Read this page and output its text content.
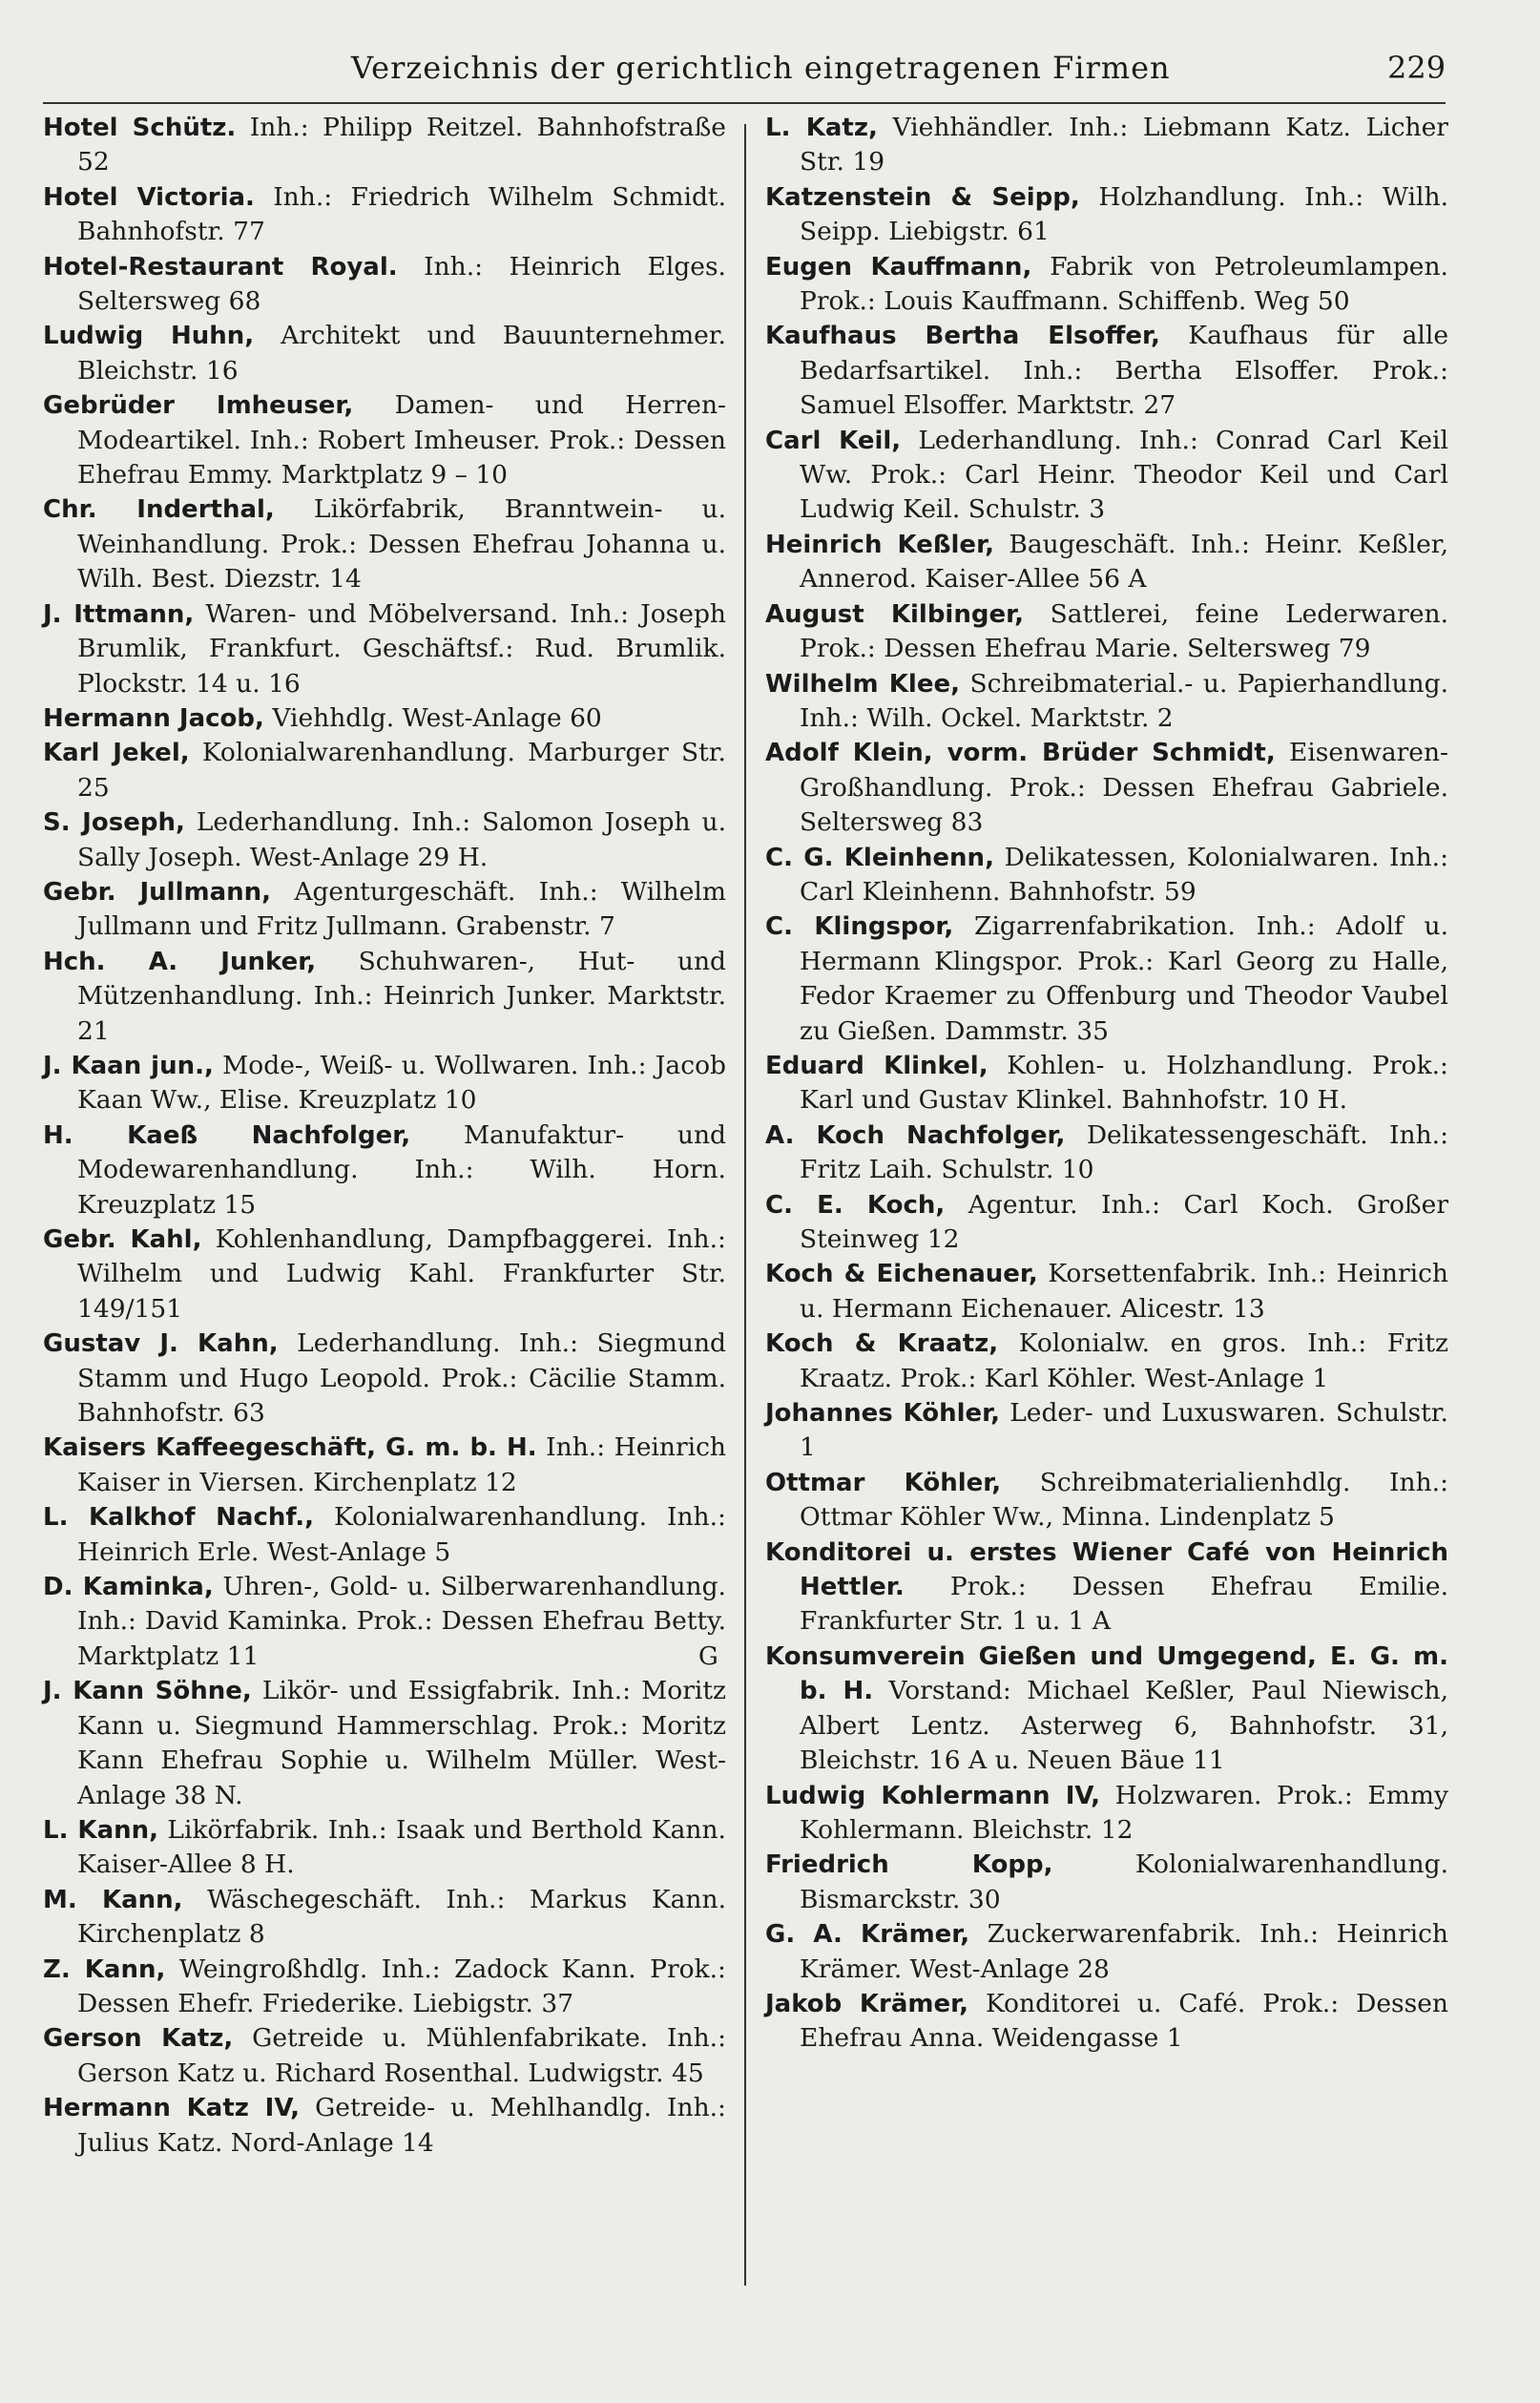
Verzeichnis der gerichtlich eingetragenen Firmen	229
Hotel Schütz. Inh.: Philipp Reitzel. Bahnhofstraße 52
Hotel Victoria. Inh.: Friedrich Wilhelm Schmidt. Bahnhofstr. 77
Hotel-Restaurant Royal. Inh.: Heinrich Elges. Seltersweg 68
Ludwig Huhn, Architekt und Bauunternehmer. Bleichstr. 16
Gebrüder Imheuser, Damen- und Herren-Modeartikel. Inh.: Robert Imheuser. Prok.: Dessen Ehefrau Emmy. Marktplatz 9 – 10
Chr. Inderthal, Likörfabrik, Branntwein- u. Weinhandlung. Prok.: Dessen Ehefrau Johanna u. Wilh. Best. Diezstr. 14
J. Ittmann, Waren- und Möbelversand. Inh.: Joseph Brumlik, Frankfurt. Geschäftsf.: Rud. Brumlik. Plockstr. 14 u. 16
Hermann Jacob, Viehhdlg. West-Anlage 60
Karl Jekel, Kolonialwarenhandlung. Marburger Str. 25
S. Joseph, Lederhandlung. Inh.: Salomon Joseph u. Sally Joseph. West-Anlage 29 H.
Gebr. Jullmann, Agenturgeschäft. Inh.: Wilhelm Jullmann und Fritz Jullmann. Grabenstr. 7
Hch. A. Junker, Schuhwaren-, Hut- und Mützenhandlung. Inh.: Heinrich Junker. Marktstr. 21
J. Kaan jun., Mode-, Weiß- u. Wollwaren. Inh.: Jacob Kaan Ww., Elise. Kreuzplatz 10
H. Kaeß Nachfolger, Manufaktur- und Modewarenhandlung. Inh.: Wilh. Horn. Kreuzplatz 15
Gebr. Kahl, Kohlenhandlung, Dampfbaggerei. Inh.: Wilhelm und Ludwig Kahl. Frankfurter Str. 149/151
Gustav J. Kahn, Lederhandlung. Inh.: Siegmund Stamm und Hugo Leopold. Prok.: Cäcilie Stamm. Bahnhofstr. 63
Kaisers Kaffeegeschäft, G. m. b. H. Inh.: Heinrich Kaiser in Viersen. Kirchenplatz 12
L. Kalkhof Nachf., Kolonialwarenhandlung. Inh.: Heinrich Erle. West-Anlage 5
D. Kaminka, Uhren-, Gold- u. Silberwarenhandlung. Inh.: David Kaminka. Prok.: Dessen Ehefrau Betty. Marktplatz 11
J. Kann Söhne, Likör- und Essigfabrik. Inh.: Moritz Kann u. Siegmund Hammerschlag. Prok.: Moritz Kann Ehefrau Sophie u. Wilhelm Müller. West-Anlage 38 N.
L. Kann, Likörfabrik. Inh.: Isaak und Berthold Kann. Kaiser-Allee 8 H.
M. Kann, Wäschegeschäft. Inh.: Markus Kann. Kirchenplatz 8
Z. Kann, Weingroßhdlg. Inh.: Zadock Kann. Prok.: Dessen Ehefr. Friederike. Liebigstr. 37
Gerson Katz, Getreide u. Mühlenfabrikate. Inh.: Gerson Katz u. Richard Rosenthal. Ludwigstr. 45
Hermann Katz IV, Getreide- u. Mehlhandlg. Inh.: Julius Katz. Nord-Anlage 14
L. Katz, Viehhändler. Inh.: Liebmann Katz. Licher Str. 19
Katzenstein & Seipp, Holzhandlung. Inh.: Wilh. Seipp. Liebigstr. 61
Eugen Kauffmann, Fabrik von Petroleumlampen. Prok.: Louis Kauffmann. Schiffenb. Weg 50
Kaufhaus Bertha Elsoffer, Kaufhaus für alle Bedarfsartikel. Inh.: Bertha Elsoffer. Prok.: Samuel Elsoffer. Marktstr. 27
Carl Keil, Lederhandlung. Inh.: Conrad Carl Keil Ww. Prok.: Carl Heinr. Theodor Keil und Carl Ludwig Keil. Schulstr. 3
Heinrich Keßler, Baugeschäft. Inh.: Heinr. Keßler, Annerod. Kaiser-Allee 56 A
August Kilbinger, Sattlerei, feine Lederwaren. Prok.: Dessen Ehefrau Marie. Seltersweg 79
Wilhelm Klee, Schreibmaterial.- u. Papierhandlung. Inh.: Wilh. Ockel. Marktstr. 2
Adolf Klein, vorm. Brüder Schmidt, Eisenwaren-Großhandlung. Prok.: Dessen Ehefrau Gabriele. Seltersweg 83
C. G. Kleinhenn, Delikatessen, Kolonialwaren. Inh.: Carl Kleinhenn. Bahnhofstr. 59
C. Klingspor, Zigarrenfabrikation. Inh.: Adolf u. Hermann Klingspor. Prok.: Karl Georg zu Halle, Fedor Kraemer zu Offenburg und Theodor Vaubel zu Gießen. Dammstr. 35
Eduard Klinkel, Kohlen- u. Holzhandlung. Prok.: Karl und Gustav Klinkel. Bahnhofstr. 10 H.
A. Koch Nachfolger, Delikatessengeschäft. Inh.: Fritz Laih. Schulstr. 10
C. E. Koch, Agentur. Inh.: Carl Koch. Großer Steinweg 12
Koch & Eichenauer, Korsettenfabrik. Inh.: Heinrich u. Hermann Eichenauer. Alicestr. 13
Koch & Kraatz, Kolonialw. en gros. Inh.: Fritz Kraatz. Prok.: Karl Köhler. West-Anlage 1
Johannes Köhler, Leder- und Luxuswaren. Schulstr. 1
Ottmar Köhler, Schreibmaterialienhdlg. Inh.: Ottmar Köhler Ww., Minna. Lindenplatz 5
Konditorei u. erstes Wiener Café von Heinrich Hettler. Prok.: Dessen Ehefrau Emilie. Frankfurter Str. 1 u. 1 A
G	Konsumverein Gießen und Umgegend, E. G. m. b. H. Vorstand: Michael Keßler, Paul Niewisch, Albert Lentz. Asterweg 6, Bahnhofstr. 31, Bleichstr. 16 A u. Neuen Bäue 11
Ludwig Kohlermann IV, Holzwaren. Prok.: Emmy Kohlermann. Bleichstr. 12
Friedrich Kopp,	Kolonialwarenhandlung. Bismarckstr. 30
G. A. Krämer, Zuckerwarenfabrik. Inh.: Heinrich Krämer. West-Anlage 28
Jakob Krämer, Konditorei u. Café. Prok.: Dessen Ehefrau Anna. Weidengasse 1
